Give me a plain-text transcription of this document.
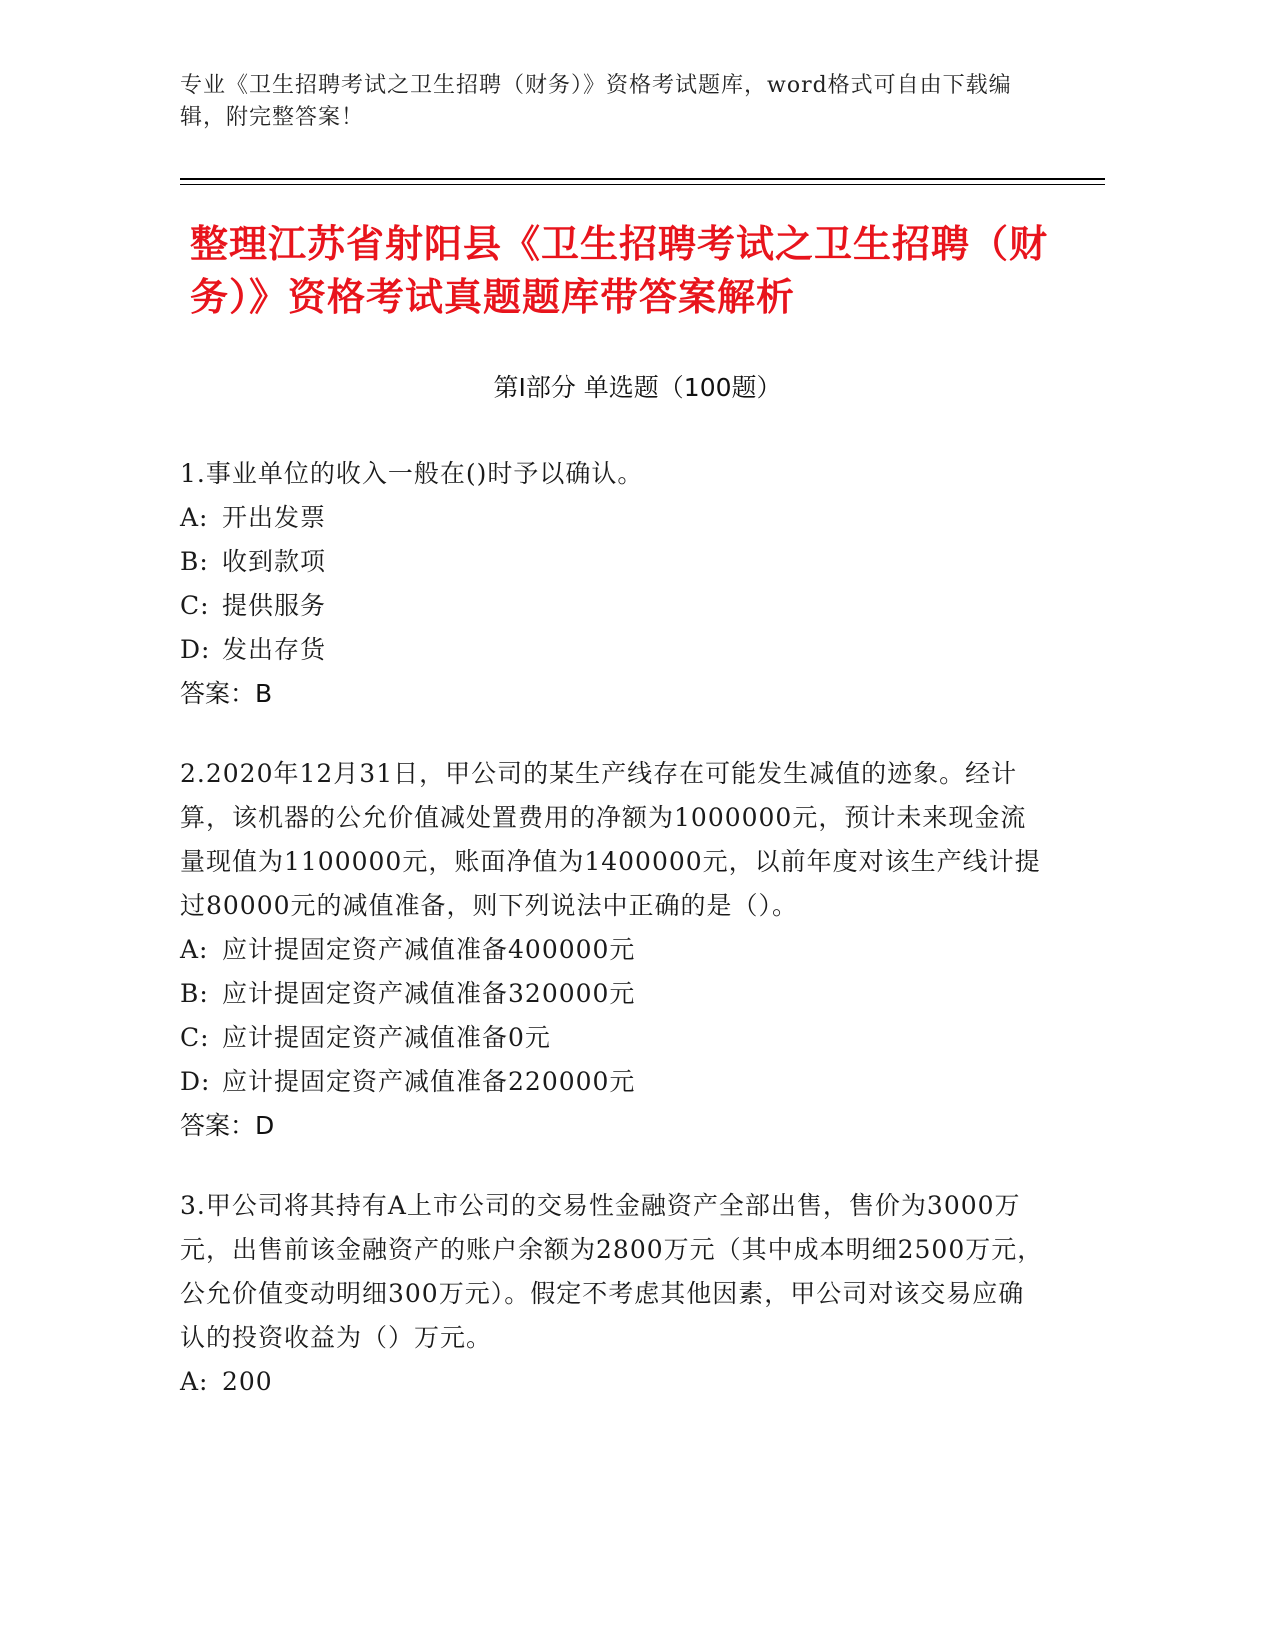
专业《卫生招聘考试之卫生招聘（财务）》资格考试题库，word格式可自由下载编辑，附完整答案！
整理江苏省射阳县《卫生招聘考试之卫生招聘（财务）》资格考试真题题库带答案解析
第Ⅰ部分 单选题（100题）

1.事业单位的收入一般在()时予以确认。

A: 开出发票

B: 收到款项

C: 提供服务

D: 发出存货

答案：B

2.2020年12月31日，甲公司的某生产线存在可能发生减值的迹象。经计算，该机器的公允价值减处置费用的净额为1000000元，预计未来现金流量现值为1100000元，账面净值为1400000元，以前年度对该生产线计提过80000元的减值准备，则下列说法中正确的是（）。

A: 应计提固定资产减值准备400000元

B: 应计提固定资产减值准备320000元

C: 应计提固定资产减值准备0元

D: 应计提固定资产减值准备220000元

答案：D

3.甲公司将其持有A上市公司的交易性金融资产全部出售，售价为3000万元，出售前该金融资产的账户余额为2800万元（其中成本明细2500万元，公允价值变动明细300万元）。假定不考虑其他因素，甲公司对该交易应确认的投资收益为（）万元。

A: 200
